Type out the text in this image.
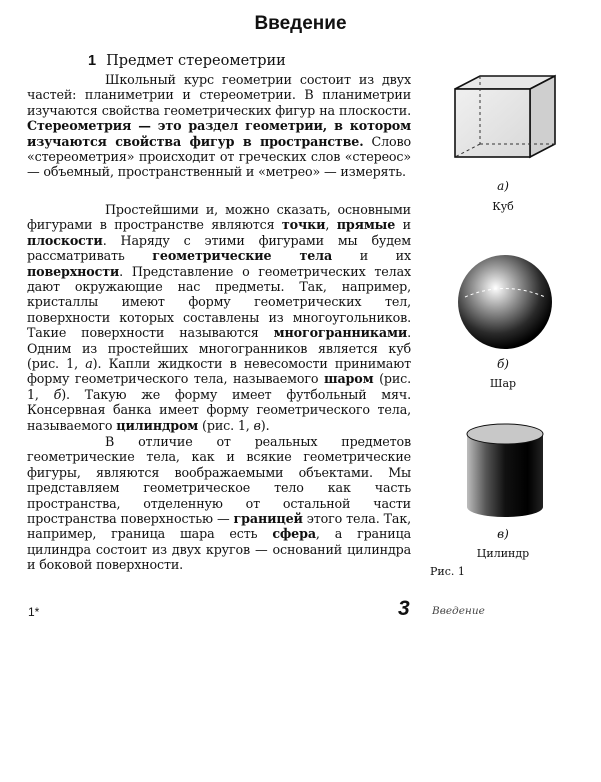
Введение
1 Предмет стереометрии

Школьный курс геометрии состоит из двух частей: планиметрии и стереометрии. В планиметрии изучаются свойства геометрических фигур на плоскости. Стереометрия — это раздел геометрии, в котором изучаются свойства фигур в пространстве. Слово «стереометрия» происходит от греческих слов «стереос» — объемный, пространственный и «метрео» — измерять.

Простейшими и, можно сказать, основными фигурами в пространстве являются точки, прямые и плоскости. Наряду с этими фигурами мы будем рассматривать геометрические тела и их поверхности. Представление о геометрических телах дают окружающие нас предметы. Так, например, кристаллы имеют форму геометрических тел, поверхности которых составлены из многоугольников. Такие поверхности называются многогранниками. Одним из простейших многогранников является куб (рис. 1, а). Капли жидкости в невесомости принимают форму геометрического тела, называемого шаром (рис. 1, б). Такую же форму имеет футбольный мяч. Консервная банка имеет форму геометрического тела, называемого цилиндром (рис. 1, в).

В отличие от реальных предметов геометрические тела, как и всякие геометрические фигуры, являются воображаемыми объектами. Мы представляем геометрическое тело как часть пространства, отделенную от остальной части пространства поверхностью — границей этого тела. Так, например, граница шара есть сфера, а граница цилиндра состоит из двух кругов — оснований цилиндра и боковой поверхности.

а)
Куб
б)
Шар
в)
Цилиндр
Рис. 1
1*	3 Введение
